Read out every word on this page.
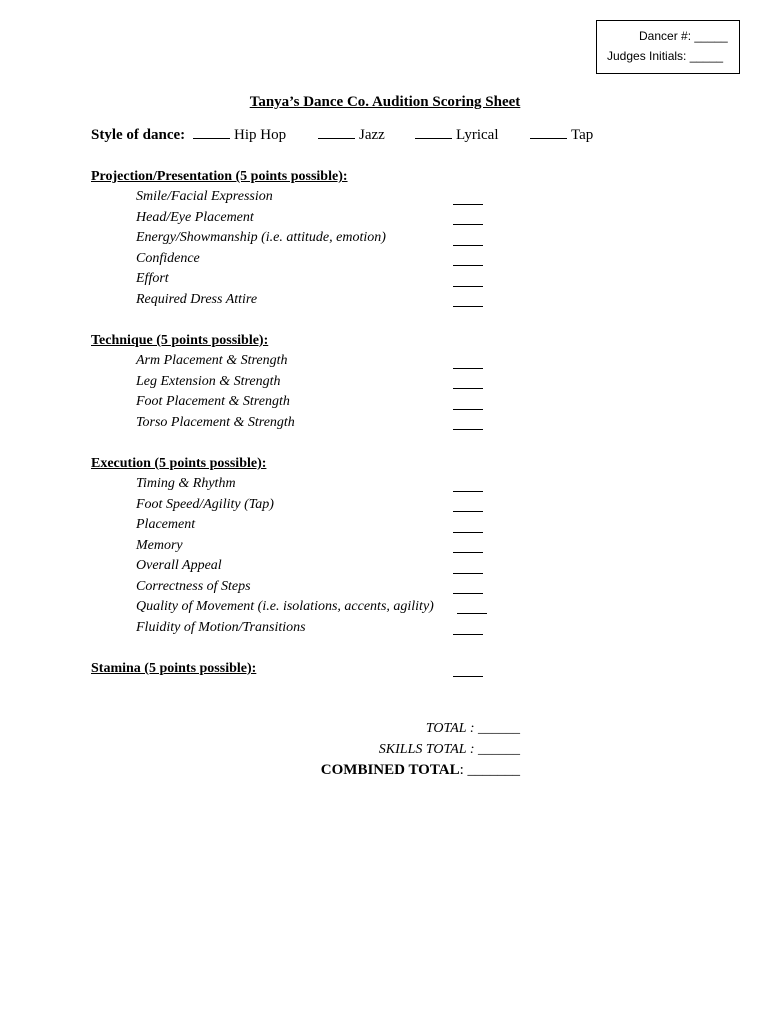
Dancer #: _____
Judges Initials: _____
Tanya’s Dance Co. Audition Scoring Sheet
Style of dance:	Hip Hop	Jazz	Lyrical	Tap
Projection/Presentation (5 points possible):
Smile/Facial Expression
Head/Eye Placement
Energy/Showmanship (i.e. attitude, emotion)
Confidence
Effort
Required Dress Attire
Technique (5 points possible):
Arm Placement & Strength
Leg Extension & Strength
Foot Placement & Strength
Torso Placement & Strength
Execution (5 points possible):
Timing & Rhythm
Foot Speed/Agility (Tap)
Placement
Memory
Overall Appeal
Correctness of Steps
Quality of Movement (i.e. isolations, accents, agility)
Fluidity of Motion/Transitions
Stamina (5 points possible):
TOTAL : ______
SKILLS TOTAL : ______
COMBINED TOTAL: _______
